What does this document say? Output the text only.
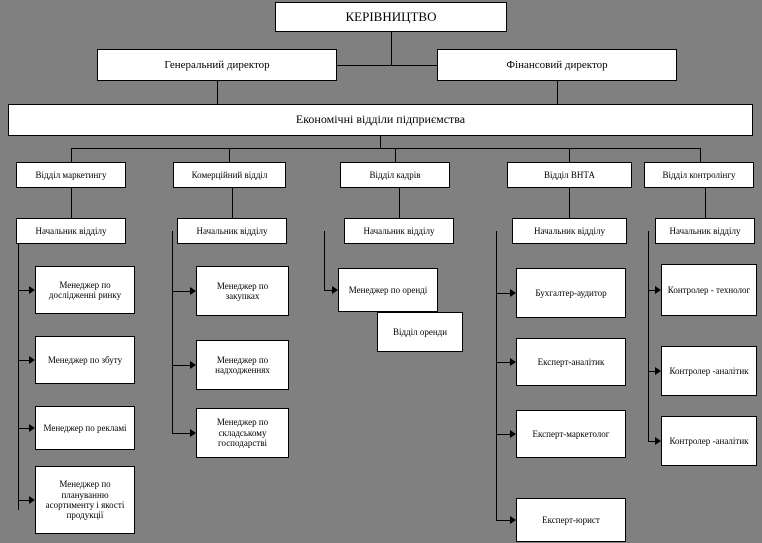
КЕРІВНИЦТВО
Генеральний директор	Фінансовий директор
Економічні відділи підприємства
Відділ маркетингу	Комерційний відділ	Відділ кадрів	Відділ ВНТА	Відділ контролінгу
Начальник відділу	Начальник відділу	Начальник відділу	Начальник відділу	Начальник відділу
Менеджер по дослідженні ринку
Менеджер по збуту
Менеджер по рекламі
Менеджер по плануванню асортименту і якості продукції
Менеджер по закупках
Менеджер по надходженнях
Менеджер по складському господарстві
Менеджер по оренді
Відділ оренди
Бухгалтер-аудитор
Експерт-аналітик
Експерт-маркетолог
Експерт-юрист
Контролер - технолог
Контролер -аналітик
Контролер -аналітик
